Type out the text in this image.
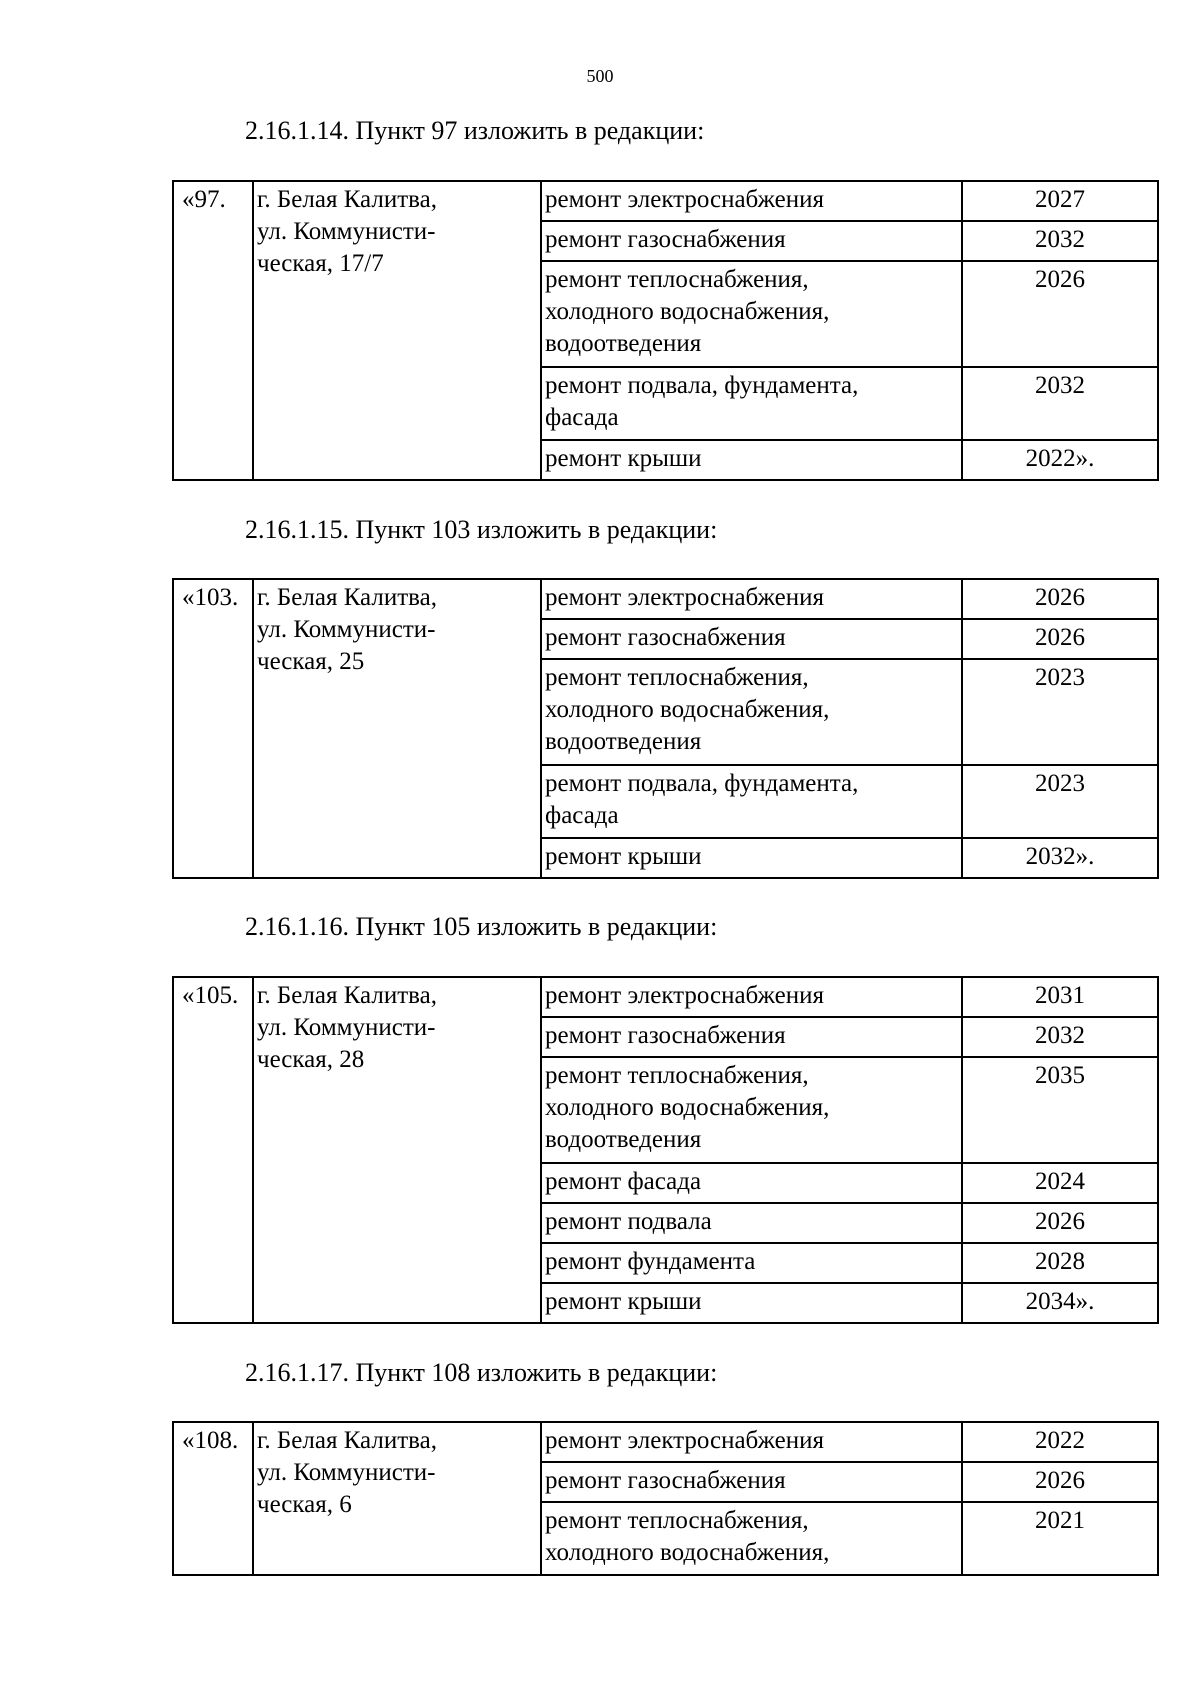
500
2.16.1.14. Пункт 97 изложить в редакции:
«97.	г. Белая Калитва,
ул. Коммунисти-
ческая, 17/7	ремонт электроснабжения	2027

		ремонт газоснабжения	2032

		ремонт теплоснабжения,
холодного водоснабжения,
водоотведения	2026

		ремонт подвала, фундамента,
фасада	2032

		ремонт крыши	2022».
2.16.1.15. Пункт 103 изложить в редакции:
«103.	г. Белая Калитва,
ул. Коммунисти-
ческая, 25	ремонт электроснабжения	2026

		ремонт газоснабжения	2026

		ремонт теплоснабжения,
холодного водоснабжения,
водоотведения	2023

		ремонт подвала, фундамента,
фасада	2023

		ремонт крыши	2032».
2.16.1.16. Пункт 105 изложить в редакции:
«105.	г. Белая Калитва,
ул. Коммунисти-
ческая, 28	ремонт электроснабжения	2031

		ремонт газоснабжения	2032

		ремонт теплоснабжения,
холодного водоснабжения,
водоотведения	2035

		ремонт фасада	2024

		ремонт подвала	2026

		ремонт фундамента	2028

		ремонт крыши	2034».
2.16.1.17. Пункт 108 изложить в редакции:
«108.	г. Белая Калитва,
ул. Коммунисти-
ческая, 6	ремонт электроснабжения	2022

		ремонт газоснабжения	2026

		ремонт теплоснабжения,
холодного водоснабжения,	2021
